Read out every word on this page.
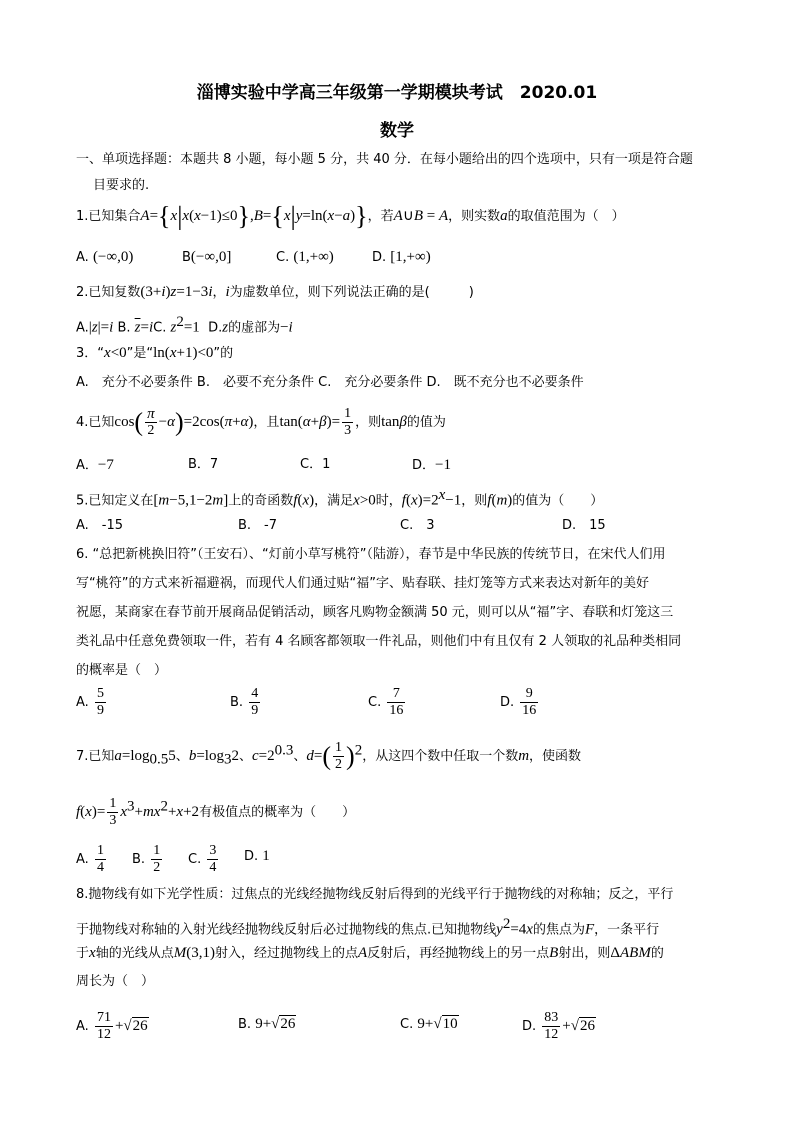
淄博实验中学高三年级第一学期模块考试　2020.01
数学
一、单项选择题：本题共 8 小题，每小题 5 分，共 40 分．在每小题给出的四个选项中，只有一项是符合题
目要求的.
1.已知集合A={x|x(x−1)≤0},B={x|y=ln(x−a)}，若A∪B = A，则实数a的取值范围为（　）
A. (−∞,0)	B(−∞,0]	C. (1,+∞)	D. [1,+∞)
2.已知复数(3+i)z=1−3i，i为虚数单位，则下列说法正确的是(　　　)
A.|z|=i B. $\overline{z}=iC$. $z^2=1$ D.z的虚部为−i
3．“x<0”是“ln(x+1)<0”的
A.　充分不必要条件 B.　必要不充分条件 C.　充分必要条件 D.　既不充分也不必要条件
4.已知$\cos( \frac{\pi}{2} -\alpha)=2\cos(\pi+\alpha)$，且$\tan(\alpha+\beta)= \frac{1}{3}$ ，则tanβ的值为
A．−7	B．7	C．1	D．−1
5.已知定义在[m−5,1−2m]上的奇函数f(x)，满足x>0时，$f(x)=2^x-1$，则f(m)的值为（　　）
A.　-15	B.　-7	C.　3	D.　15
6. “总把新桃换旧符”（王安石）、“灯前小草写桃符”（陆游），春节是中华民族的传统节日，在宋代人们用
写“桃符”的方式来祈福避祸，而现代人们通过贴“福”字、贴春联、挂灯笼等方式来表达对新年的美好
祝愿，某商家在春节前开展商品促销活动，顾客凡购物金额满 50 元，则可以从“福”字、春联和灯笼这三
类礼品中任意免费领取一件，若有 4 名顾客都领取一件礼品，则他们中有且仅有 2 人领取的礼品种类相同
的概率是（　）
A. $\frac{5}{9}$	B. $\frac{4}{9}$	C. $\frac{7}{16}$	D. $\frac{9}{16}$
7.已知$a=\log_{0.5}5$、$b=\log_32$、$c=2^{0.3}$、$d=( \frac{1}{2} )^2$，从这四个数中任取一个数m，使函数
$f(x)= \frac{1}{3} x^3+mx^2+x+2$有极值点的概率为（　　）
A. $\frac{1}{4} B$. $\frac{1}{2} C$. $\frac{3}{4} D$. 1
8.抛物线有如下光学性质：过焦点的光线经抛物线反射后得到的光线平行于抛物线的对称轴；反之，平行
于抛物线对称轴的入射光线经抛物线反射后必过抛物线的焦点.已知抛物线$y^2=4x$的焦点为F，一条平行
于x轴的光线从点M(3,1)射入，经过抛物线上的点A反射后，再经抛物线上的另一点B射出，则ΔABM的
周长为（　）
A. $\frac{71}{12} +√26$	B. 9+√26	C. 9+√10	D. $\frac{83}{12} +√26$
